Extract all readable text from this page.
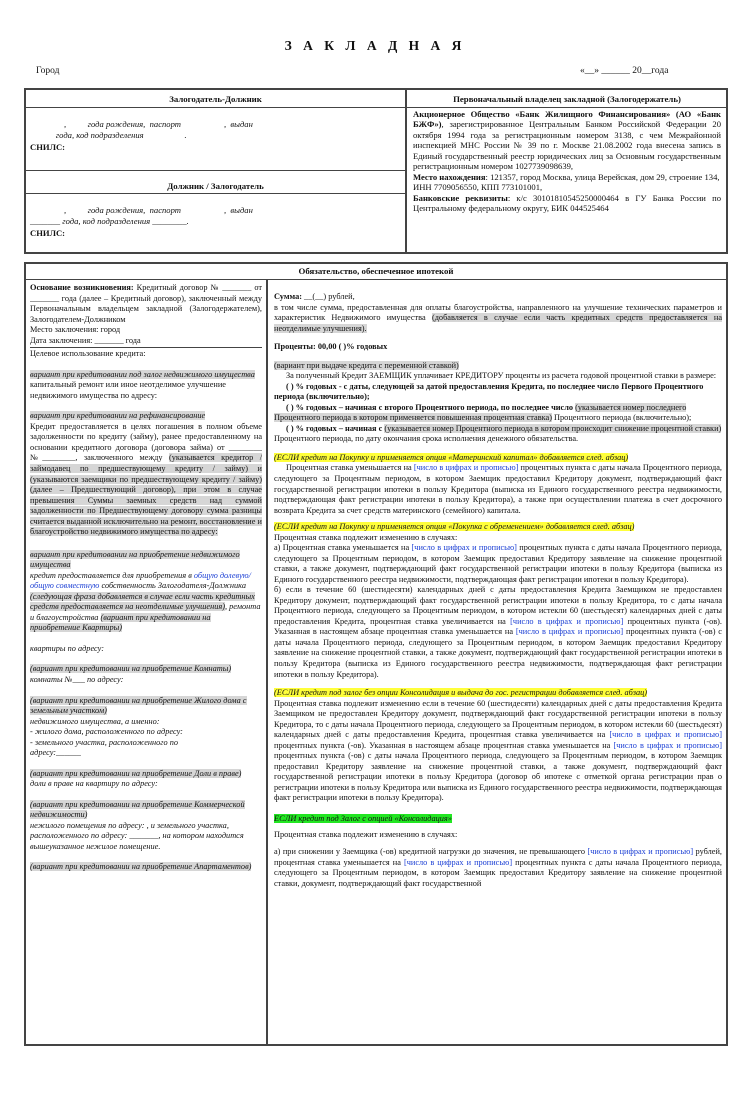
З А К Л А Д Н А Я
Город	«__» ______ 20__года
Залогодатель-Должник
,          года рождения,  паспорт                    ,  выдан
года, код подразделения                   .
СНИЛС:
Должник / Залогодатель
,          года рождения,  паспорт                    ,  выдан
_______ года, код подразделения ________.
СНИЛС:
Первоначальный владелец закладной (Залогодержатель)

Акционерное Общество «Банк Жилищного Финансирования» (АО «Банк БЖФ»), зарегистрированное Центральным Банком Российской Федерации 20 октября 1994 года за регистрационным номером 3138, с чем Межрайонной инспекцией МНС России № 39 по г. Москве 21.08.2002 года внесена запись в Единый государственный реестр юридических лиц за Основным государственным регистрационным номером 1027739098639,

Место нахождения: 121357, город Москва, улица Верейская, дом 29, строение 134,

ИНН 7709056550, КПП 773101001,

Банковские реквизиты: к/с 30101810545250000464 в ГУ Банка России по Центральному федеральному округу, БИК 044525464

Обязательство, обеспеченное ипотекой

Основание возникновения: Кредитный договор № _______ от _______ года (далее – Кредитный договор), заключенный между Первоначальным владельцем закладной (Залогодержателем), Залогодателем-Должником

Место заключения: город

Дата заключения: _______ года

Целевое использование кредита:

вариант при кредитовании под залог недвижимого имущества

капитальный ремонт или иное неотделимое улучшение недвижимого имущества по адресу:

вариант при кредитовании на рефинансирование

Кредит предоставляется в целях погашения в полном объеме задолженности по кредиту (займу), ранее предоставленному на основании кредитного договора (договора займа) от ________ №________, заключенного между (указывается кредитор / займодавец по предшествующему кредиту / займу) и (указываются заемщики по предшествующему кредиту / займу) (далее – Предшествующий договор), при этом в случае превышения Суммы заемных средств над суммой задолженности по Предшествующему договору сумма разницы считается выданной исключительно на ремонт, восстановление и благоустройство недвижимого имущества по адресу:

вариант при кредитовании на приобретение недвижимого имущества

кредит предоставляется для приобретения в общую долевую/ общую совместную собственность Залогодателя-Должника (следующая фраза добавляется в случае если часть кредитных средств предоставляется на неотделимые улучшения), ремонта и благоустройства (вариант при кредитовании на приобретение Квартиры)

квартиры по адресу:

(вариант при кредитовании на приобретение Комнаты)

комнаты №___ по адресу:

(вариант при кредитовании на приобретение Жилого дома с земельным участком)

недвижимого имущества, а именно:

- жилого дома, расположенного по адресу:

- земельного участка, расположенного по

адресу:______

(вариант при кредитовании на приобретение Доли в праве)

доли в праве на квартиру по адресу:

(вариант при кредитовании на приобретение Коммерческой недвижимости)

нежилого помещения по адресу: , и земельного участка, расположенного по адресу: _______, на котором находится вышеуказанное нежилое помещение.

(вариант при кредитовании на приобретение Апартаментов)

Сумма: __(__) рублей,

в том числе сумма, предоставленная для оплаты благоустройства, направленного на улучшение технических параметров и характеристик Недвижимого имущества (добавляется в случае если часть кредитных средств предоставляется на неотделимые улучшения).

Проценты: 00,00 ( )% годовых

(вариант при выдаче кредита с переменной ставкой)

За полученный Кредит ЗАЕМЩИК уплачивает КРЕДИТОРУ проценты из расчета годовой процентной ставки в размере:

( ) % годовых - с даты, следующей за датой предоставления Кредита, по последнее число Первого Процентного периода (включительно);

( ) % годовых – начиная с второго Процентного периода, по последнее число (указывается номер последнего Процентного периода в котором применяется повышенная процентная ставка) Процентного периода (включительно);

( ) % годовых – начиная с (указывается номер Процентного периода в котором происходит снижение процентной ставки) Процентного периода, по дату окончания срока исполнения денежного обязательства.

(ЕСЛИ кредит на Покупку и применяется опция «Материнский капитал» добавляется след. абзац)

Процентная ставка уменьшается на [число в цифрах и прописью] процентных пункта с даты начала Процентного периода, следующего за Процентным периодом, в котором Заемщик предоставил Кредитору документ, подтверждающий факт государственной регистрации ипотеки в пользу Кредитора (выписка из Единого государственного реестра недвижимости, подтверждающая факт регистрации ипотеки в пользу Кредитора), а также при осуществлении платежа в счет досрочного возврата Кредита за счет средств материнского (семейного) капитала.

(ЕСЛИ кредит на Покупку и применяется опция «Покупка с обременением» добавляется след. абзац)

Процентная ставка подлежит изменению в случаях:

а) Процентная ставка уменьшается на [число в цифрах и прописью] процентных пункта с даты начала Процентного периода, следующего за Процентным периодом, в котором Заемщик предоставил Кредитору заявление на снижение процентной ставки, а также документ, подтверждающий факт государственной регистрации ипотеки в пользу Кредитора (выписка из Единого государственного реестра недвижимости, подтверждающая факт регистрации ипотеки в пользу Кредитора).

б) если в течение 60 (шестидесяти) календарных дней с даты предоставления Кредита Заемщиком не предоставлен Кредитору документ, подтверждающий факт государственной регистрации ипотеки в пользу Кредитора, то с даты начала Процентного периода, следующего за Процентным периодом, в котором истекли 60 (шестьдесят) календарных дней с даты предоставления Кредита, процентная ставка увеличивается на [число в цифрах и прописью] процентных пункта (-ов). Указанная в настоящем абзаце процентная ставка уменьшается на [число в цифрах и прописью] процентных пункта (-ов) с даты начала Процентного периода, следующего за Процентным периодом, в котором Заемщик предоставил Кредитору заявление на снижение процентной ставки, а также документ, подтверждающий факт государственной регистрации ипотеки в пользу Кредитора (выписка из Единого государственного реестра недвижимости, подтверждающая факт регистрации ипотеки в пользу Кредитора).

(ЕСЛИ кредит под залог без опции Консолидация и выдача до гос. регистрации добавляется след. абзац)

Процентная ставка подлежит изменению если в течение 60 (шестидесяти) календарных дней с даты предоставления Кредита Заемщиком не предоставлен Кредитору документ, подтверждающий факт государственной регистрации ипотеки в пользу Кредитора, то с даты начала Процентного периода, следующего за Процентным периодом, в котором истекли 60 (шестьдесят) календарных дней с даты предоставления Кредита, процентная ставка увеличивается на [число в цифрах и прописью] процентных пункта (-ов). Указанная в настоящем абзаце процентная ставка уменьшается на [число в цифрах и прописью] процентных пункта (-ов) с даты начала Процентного периода, следующего за Процентным периодом, в котором Заемщик предоставил Кредитору заявление на снижение процентной ставки, а также документ, подтверждающий факт государственной регистрации ипотеки в пользу Кредитора (договор об ипотеке с отметкой органа регистрации прав о регистрации ипотеки в пользу Кредитора или выписка из Единого государственного реестра недвижимости, подтверждающая факт регистрации ипотеки в пользу Кредитора).

ЕСЛИ кредит под Залог с опцией «Консолидация»

Процентная ставка подлежит изменению в случаях:

а) при снижении у Заемщика (-ов) кредитной нагрузки до значения, не превышающего [число в цифрах и прописью] рублей, процентная ставка уменьшается на [число в цифрах и прописью] процентных пункта с даты начала Процентного периода, следующего за Процентным периодом, в котором Заемщик предоставил Кредитору заявление на снижение процентной ставки, документ, подтверждающий факт государственной
